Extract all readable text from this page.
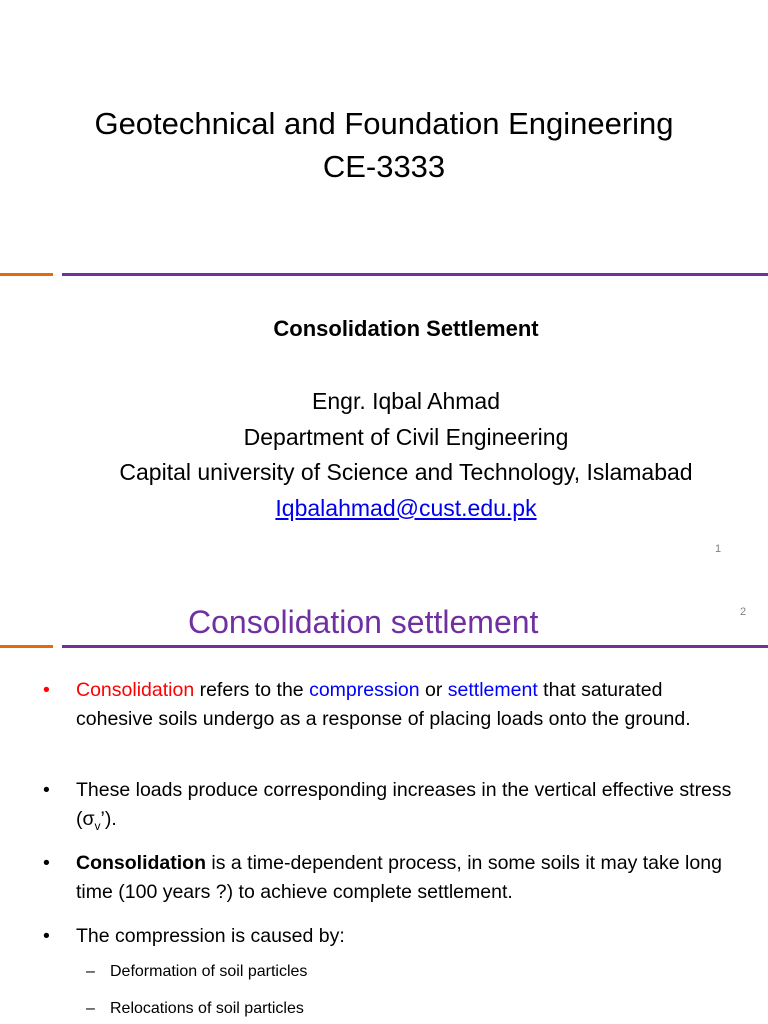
Geotechnical and Foundation Engineering
CE-3333
Consolidation Settlement
Engr. Iqbal Ahmad
Department of Civil Engineering
Capital university of Science and Technology, Islamabad
Iqbalahmad@cust.edu.pk
1
2
Consolidation settlement
• Consolidation refers to the compression or settlement that saturated cohesive soils undergo as a response of placing loads onto the ground.
• These loads produce corresponding increases in the vertical effective stress $(\sigma_v’)$.
• Consolidation is a time-dependent process, in some soils it may take long time (100 years ?) to achieve complete settlement.
• The compression is caused by:
– Deformation of soil particles
– Relocations of soil particles
